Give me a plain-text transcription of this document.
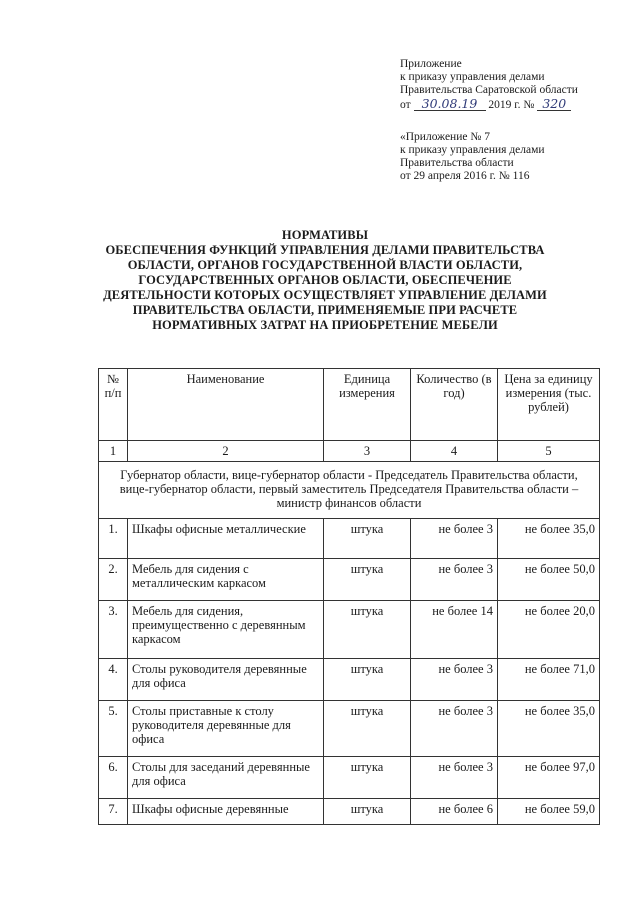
Приложение
к приказу управления делами
Правительства Саратовской области
от 30.08.19 2019 г. № 320
«Приложение № 7
к приказу управления делами
Правительства области
от 29 апреля 2016 г. № 116
НОРМАТИВЫ
ОБЕСПЕЧЕНИЯ ФУНКЦИЙ УПРАВЛЕНИЯ ДЕЛАМИ ПРАВИТЕЛЬСТВА
ОБЛАСТИ, ОРГАНОВ ГОСУДАРСТВЕННОЙ ВЛАСТИ ОБЛАСТИ,
ГОСУДАРСТВЕННЫХ ОРГАНОВ ОБЛАСТИ, ОБЕСПЕЧЕНИЕ
ДЕЯТЕЛЬНОСТИ КОТОРЫХ ОСУЩЕСТВЛЯЕТ УПРАВЛЕНИЕ ДЕЛАМИ
ПРАВИТЕЛЬСТВА ОБЛАСТИ, ПРИМЕНЯЕМЫЕ ПРИ РАСЧЕТЕ
НОРМАТИВНЫХ ЗАТРАТ НА ПРИОБРЕТЕНИЕ МЕБЕЛИ
№ п/п	Наименование	Единица измерения	Количество (в год)	Цена за единицу измерения (тыс. рублей)
1	2	3	4	5
Губернатор области, вице-губернатор области - Председатель Правительства области, вице-губернатор области, первый заместитель Председателя Правительства области – министр финансов области				
1.	Шкафы офисные металлические	штука	не более 3	не более 35,0
2.	Мебель для сидения с металлическим каркасом	штука	не более 3	не более 50,0
3.	Мебель для сидения, преимущественно с деревянным каркасом	штука	не более 14	не более 20,0
4.	Столы руководителя деревянные для офиса	штука	не более 3	не более 71,0
5.	Столы приставные к столу руководителя деревянные для офиса	штука	не более 3	не более 35,0
6.	Столы для заседаний деревянные для офиса	штука	не более 3	не более 97,0
7.	Шкафы офисные деревянные	штука	не более 6	не более 59,0
